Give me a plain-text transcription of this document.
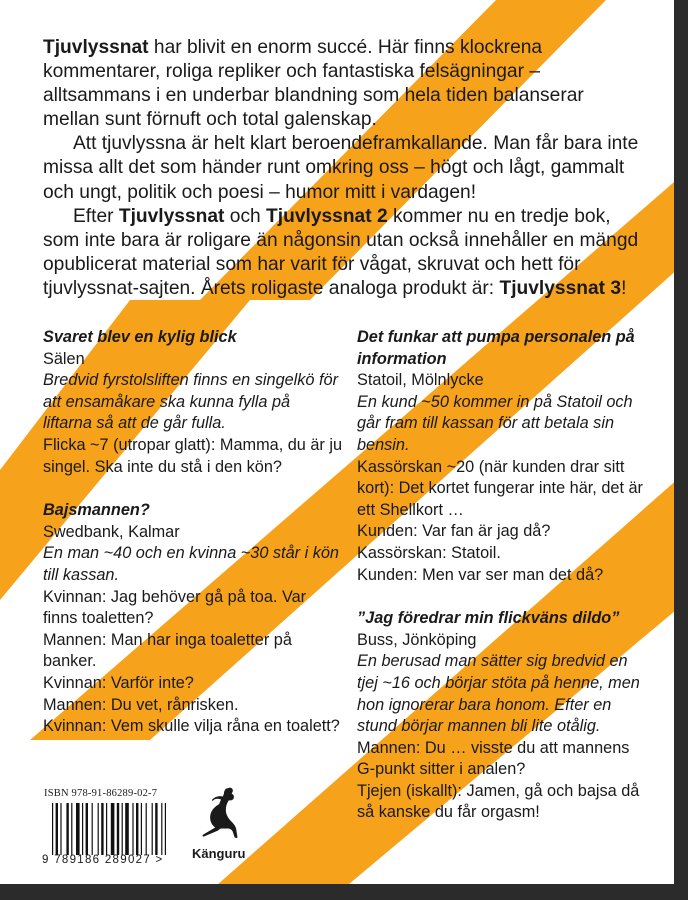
Tjuvlyssnat har blivit en enorm succé. Här finns klockrena kommentarer, roliga repliker och fantastiska felsägningar – alltsammans i en underbar blandning som hela tiden balanserar mellan sunt förnuft och total galenskap.

Att tjuvlyssna är helt klart beroendeframkallande. Man får bara inte missa allt det som händer runt omkring oss – högt och lågt, gammalt och ungt, politik och poesi – humor mitt i vardagen!

Efter Tjuvlyssnat och Tjuvlyssnat 2 kommer nu en tredje bok, som inte bara är roligare än någonsin utan också innehåller en mängd opublicerat material som har varit för vågat, skruvat och hett för tjuvlyssnat-sajten. Årets roligaste analoga produkt är: Tjuvlyssnat 3!

Svaret blev en kylig blick
Sälen
Bredvid fyrstolsliften finns en singelkö för att ensamåkare ska kunna fylla på liftarna så att de går fulla.
Flicka ~7 (utropar glatt): Mamma, du är ju singel. Ska inte du stå i den kön?
Bajsmannen?
Swedbank, Kalmar
En man ~40 och en kvinna ~30 står i kön till kassan.
Kvinnan: Jag behöver gå på toa. Var finns toaletten?
Mannen: Man har inga toaletter på banker.
Kvinnan: Varför inte?
Mannen: Du vet, rånrisken.
Kvinnan: Vem skulle vilja råna en toalett?
Det funkar att pumpa personalen på information
Statoil, Mölnlycke
En kund ~50 kommer in på Statoil och går fram till kassan för att betala sin bensin.
Kassörskan ~20 (när kunden drar sitt kort): Det kortet fungerar inte här, det är ett Shellkort …
Kunden: Var fan är jag då?
Kassörskan: Statoil.
Kunden: Men var ser man det då?
”Jag föredrar min flickväns dildo”
Buss, Jönköping
En berusad man sätter sig bredvid en tjej ~16 och börjar stöta på henne, men hon ignorerar bara honom. Efter en stund börjar mannen bli lite otålig.
Mannen: Du … visste du att mannens G-punkt sitter i analen?
Tjejen (iskallt): Jamen, gå och bajsa då så kanske du får orgasm!
ISBN 978-91-86289-02-7
9 789186 289027 > Känguru
